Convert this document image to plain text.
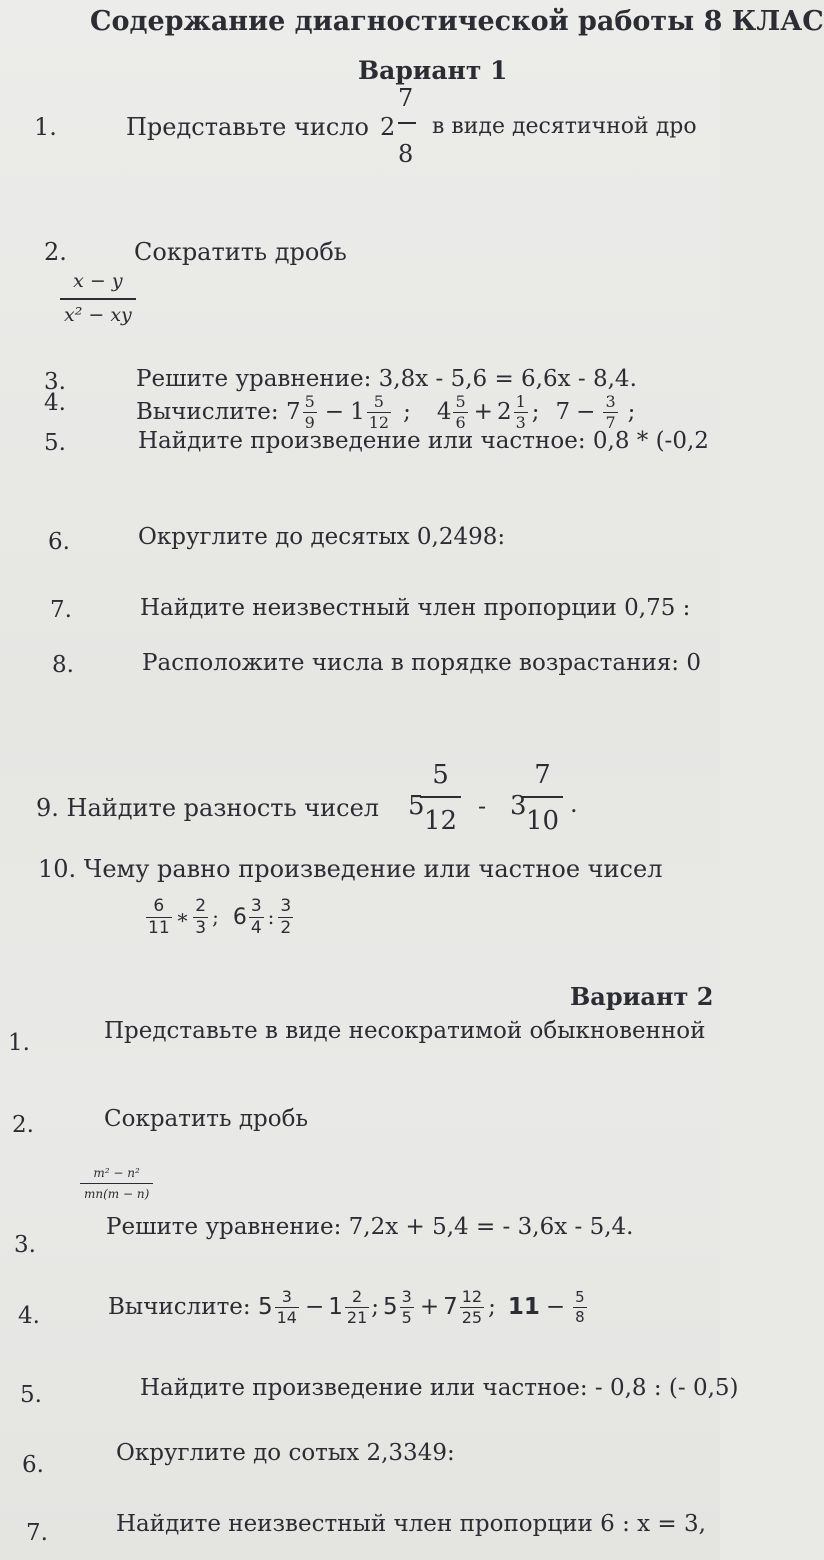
Содержание диагностической работы 8 КЛАС
Вариант 1
1.	Представьте число 2
7
8
в виде десятичной дро
2.	Сократить дробь
$\frac{x - y}{\text{x² − xy}}$
3.	Решите уравнение: 3,8х - 5,6 = 6,6х - 8,4.
4.	Вычислите:
$7 \frac{5}{9} - 1 \frac{5}{12}$ ; $4 \frac{5}{6} + 2 \frac{1}{3}$ ; $7 - \frac{3}{7}$ ;
5.	Найдите произведение или частное: 0,8 * (-0,2
6.	Округлите до десятых 0,2498:
7.	Найдите неизвестный член пропорции 0,75 :
8.	Расположите числа в порядке возрастания: 0
9. Найдите разность чисел 5
$\frac{5}{12} - 3$
$\frac{7}{10}$ .
10. Чему равно произведение или частное чисел
$\frac{6}{11}$ ∗ $\frac{2}{3}$ ; $6 \frac{3}{4}$ : $\frac{3}{2}$
Вариант 2
1.	Представьте в виде несократимой обыкновенной
2.	Сократить дробь
$\frac{\text{m² − n²}}{mn(m - n)}$
3.
Решите уравнение: 7,2х + 5,4 = - 3,6х - 5,4.
4.	Вычислите:
$5 \frac{3}{14} - 1 \frac{2}{21}$ ; $5 \frac{3}{5} + 7 \frac{12}{25}$ ; $11 - \frac{5}{8}$
5.	Найдите произведение или частное: - 0,8 : (- 0,5)
6.	Округлите до сотых 2,3349:
7.	Найдите неизвестный член пропорции 6 : х = 3,
